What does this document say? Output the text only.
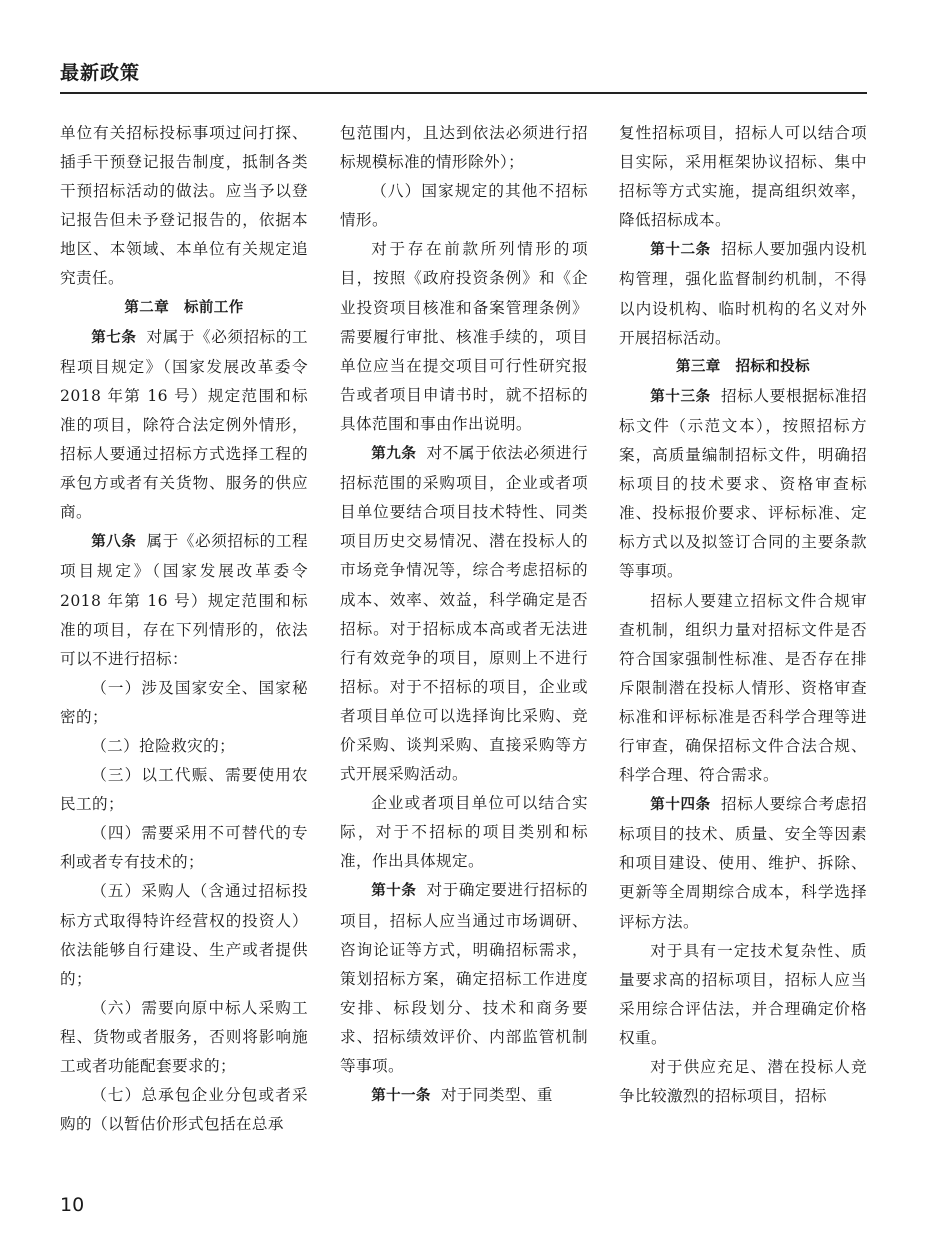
最新政策

单位有关招标投标事项过问打探、插手干预登记报告制度，抵制各类干预招标活动的做法。应当予以登记报告但未予登记报告的，依据本地区、本领域、本单位有关规定追究责任。

第二章　标前工作

第七条 对属于《必须招标的工程项目规定》（国家发展改革委令 2018 年第 16 号）规定范围和标准的项目，除符合法定例外情形，招标人要通过招标方式选择工程的承包方或者有关货物、服务的供应商。

第八条 属于《必须招标的工程项目规定》（国家发展改革委令 2018 年第 16 号）规定范围和标准的项目，存在下列情形的，依法可以不进行招标：

（一）涉及国家安全、国家秘密的；

（二）抢险救灾的；

（三）以工代赈、需要使用农民工的；

（四）需要采用不可替代的专利或者专有技术的；

（五）采购人（含通过招标投标方式取得特许经营权的投资人）依法能够自行建设、生产或者提供的；

（六）需要向原中标人采购工程、货物或者服务，否则将影响施工或者功能配套要求的；

（七）总承包企业分包或者采购的（以暂估价形式包括在总承

包范围内，且达到依法必须进行招标规模标准的情形除外）；

（八）国家规定的其他不招标情形。

对于存在前款所列情形的项目，按照《政府投资条例》和《企业投资项目核准和备案管理条例》需要履行审批、核准手续的，项目单位应当在提交项目可行性研究报告或者项目申请书时，就不招标的具体范围和事由作出说明。

第九条 对不属于依法必须进行招标范围的采购项目，企业或者项目单位要结合项目技术特性、同类项目历史交易情况、潜在投标人的市场竞争情况等，综合考虑招标的成本、效率、效益，科学确定是否招标。对于招标成本高或者无法进行有效竞争的项目，原则上不进行招标。对于不招标的项目，企业或者项目单位可以选择询比采购、竞价采购、谈判采购、直接采购等方式开展采购活动。

企业或者项目单位可以结合实际，对于不招标的项目类别和标准，作出具体规定。

第十条 对于确定要进行招标的项目，招标人应当通过市场调研、咨询论证等方式，明确招标需求，策划招标方案，确定招标工作进度安排、标段划分、技术和商务要求、招标绩效评价、内部监管机制等事项。

第十一条 对于同类型、重

复性招标项目，招标人可以结合项目实际，采用框架协议招标、集中招标等方式实施，提高组织效率，降低招标成本。

第十二条 招标人要加强内设机构管理，强化监督制约机制，不得以内设机构、临时机构的名义对外开展招标活动。

第三章　招标和投标

第十三条 招标人要根据标准招标文件（示范文本），按照招标方案，高质量编制招标文件，明确招标项目的技术要求、资格审查标准、投标报价要求、评标标准、定标方式以及拟签订合同的主要条款等事项。

招标人要建立招标文件合规审查机制，组织力量对招标文件是否符合国家强制性标准、是否存在排斥限制潜在投标人情形、资格审查标准和评标标准是否科学合理等进行审查，确保招标文件合法合规、科学合理、符合需求。

第十四条 招标人要综合考虑招标项目的技术、质量、安全等因素和项目建设、使用、维护、拆除、更新等全周期综合成本，科学选择评标方法。

对于具有一定技术复杂性、质量要求高的招标项目，招标人应当采用综合评估法，并合理确定价格权重。

对于供应充足、潜在投标人竞争比较激烈的招标项目，招标

10
